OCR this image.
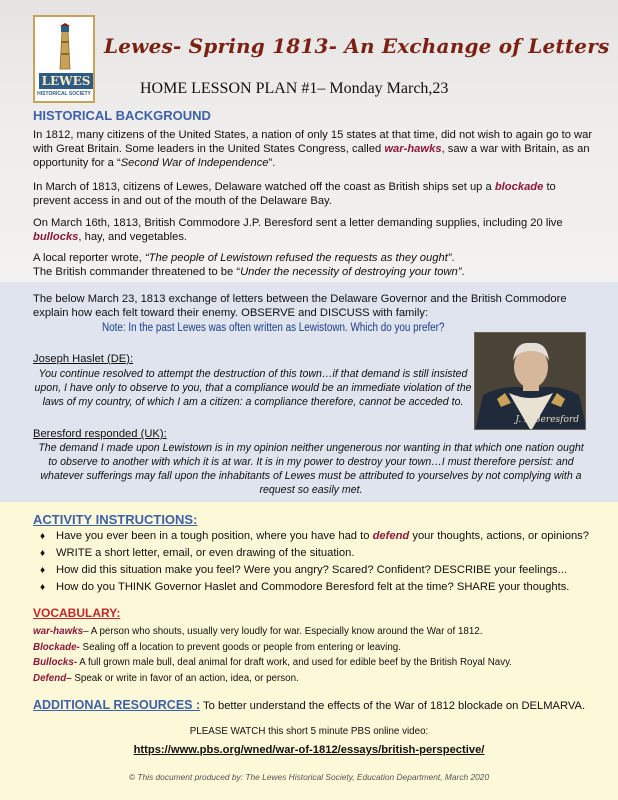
LEWES
HISTORICAL SOCIETY
Lewes- Spring 1813- An Exchange of Letters
HOME LESSON PLAN #1– Monday March,23
HISTORICAL BACKGROUND
In 1812, many citizens of the United States, a nation of only 15 states at that time, did not wish to again go to war with Great Britain. Some leaders in the United States Congress, called war-hawks, saw a war with Britain, as an opportunity for a “Second War of Independence”.
In March of 1813, citizens of Lewes, Delaware watched off the coast as British ships set up a blockade to prevent access in and out of the mouth of the Delaware Bay.
On March 16th, 1813, British Commodore J.P. Beresford sent a letter demanding supplies, including 20 live bullocks, hay, and vegetables.
A local reporter wrote, “The people of Lewistown refused the requests as they ought”.
The British commander threatened to be “Under the necessity of destroying your town”.
The below March 23, 1813 exchange of letters between the Delaware Governor and the British Commodore explain how each felt toward their enemy. OBSERVE and DISCUSS with family:
Note: In the past Lewes was often written as Lewistown. Which do you prefer?
Joseph Haslet (DE):
You continue resolved to attempt the destruction of this town…if that demand is still insisted upon, I have only to observe to you, that a compliance would be an immediate violation of the laws of my country, of which I am a citizen: a compliance therefore, cannot be acceded to.
J. P. Beresford
Beresford responded (UK):
The demand I made upon Lewistown is in my opinion neither ungenerous nor wanting in that which one nation ought to observe to another with which it is at war. It is in my power to destroy your town…I must therefore persist: and whatever sufferings may fall upon the inhabitants of Lewes must be attributed to yourselves by not complying with a request so easily met.
ACTIVITY INSTRUCTIONS:
♦ Have you ever been in a tough position, where you have had to defend your thoughts, actions, or opinions?
♦ WRITE a short letter, email, or even drawing of the situation.
♦ How did this situation make you feel? Were you angry? Scared? Confident? DESCRIBE your feelings...
♦ How do you THINK Governor Haslet and Commodore Beresford felt at the time? SHARE your thoughts.
VOCABULARY:
war-hawks– A person who shouts, usually very loudly for war. Especially know around the War of 1812.
Blockade- Sealing off a location to prevent goods or people from entering or leaving.
Bullocks- A full grown male bull, deal animal for draft work, and used for edible beef by the British Royal Navy.
Defend– Speak or write in favor of an action, idea, or person.
ADDITIONAL RESOURCES : To better understand the effects of the War of 1812 blockade on DELMARVA.
PLEASE WATCH this short 5 minute PBS online video:
https://www.pbs.org/wned/war-of-1812/essays/british-perspective/
© This document produced by: The Lewes Historical Society, Education Department, March 2020
